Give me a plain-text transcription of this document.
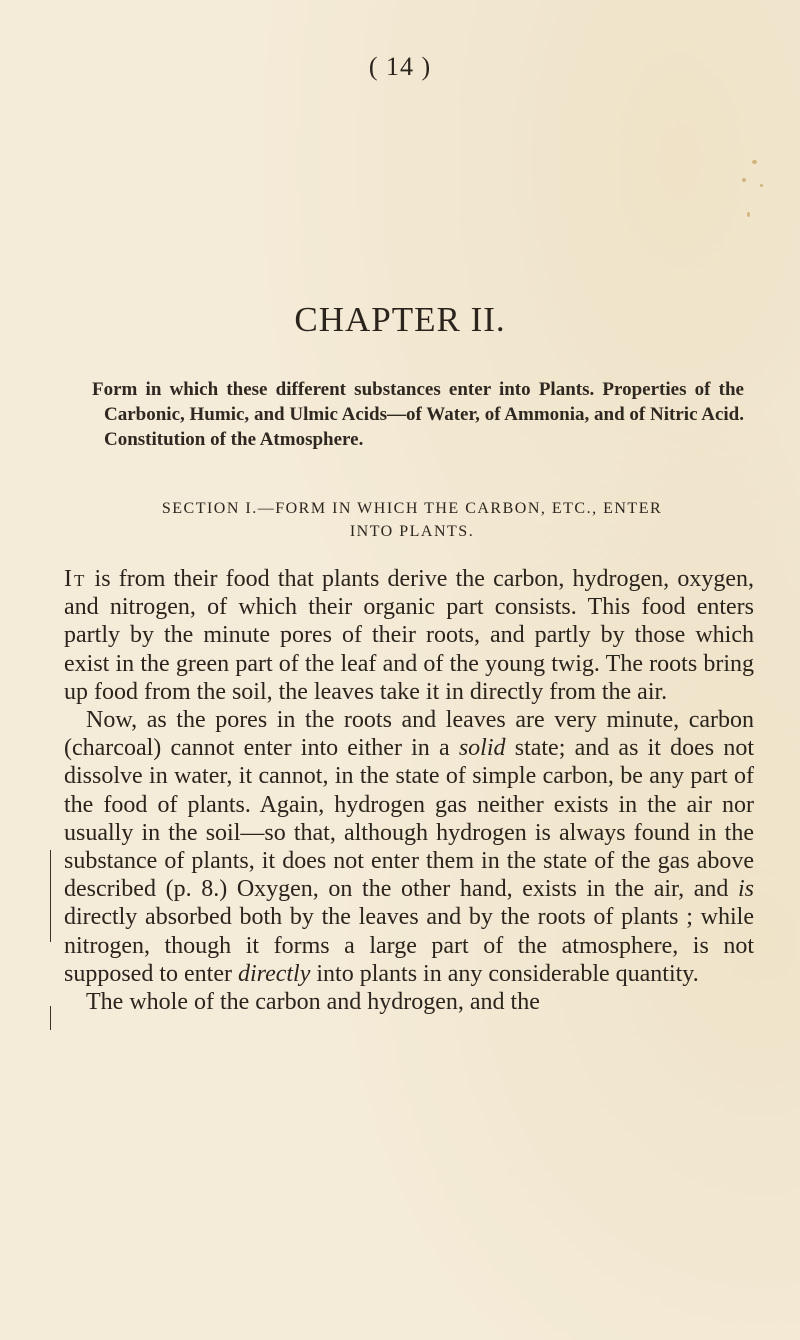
( 14 )
CHAPTER II.

Form in which these different substances enter into Plants. Properties of the Carbonic, Humic, and Ulmic Acids—of Water, of Ammonia, and of Nitric Acid. Constitution of the Atmosphere.

SECTION I.—FORM IN WHICH THE CARBON, ETC., ENTER
INTO PLANTS.

It is from their food that plants derive the carbon, hydrogen, oxygen, and nitrogen, of which their organic part consists. This food enters partly by the minute pores of their roots, and partly by those which exist in the green part of the leaf and of the young twig. The roots bring up food from the soil, the leaves take it in directly from the air.

Now, as the pores in the roots and leaves are very minute, carbon (charcoal) cannot enter into either in a solid state; and as it does not dissolve in water, it cannot, in the state of simple carbon, be any part of the food of plants. Again, hydrogen gas neither exists in the air nor usually in the soil—so that, although hydrogen is always found in the substance of plants, it does not enter them in the state of the gas above described (p. 8.) Oxygen, on the other hand, exists in the air, and is directly absorbed both by the leaves and by the roots of plants ; while nitrogen, though it forms a large part of the atmosphere, is not supposed to enter directly into plants in any considerable quantity.

The whole of the carbon and hydrogen, and the
